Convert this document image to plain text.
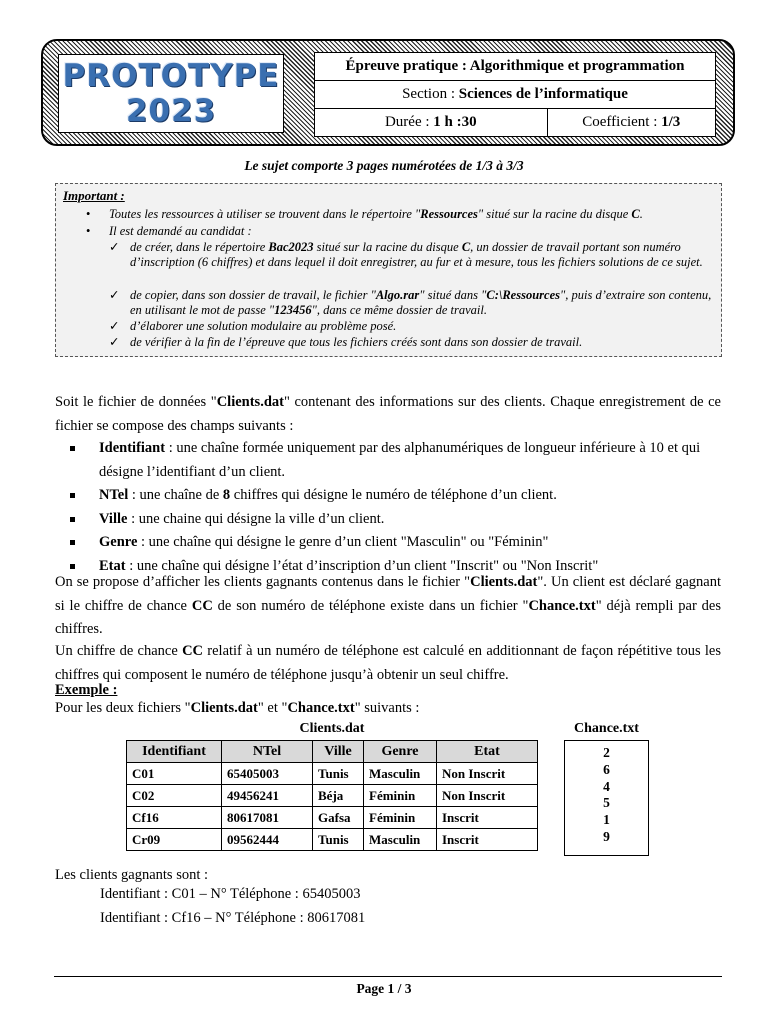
PROTOTYPE
2023
Épreuve pratique : Algorithmique et programmation
Section : Sciences de l’informatique
Durée : 1 h :30	Coefficient : 1/3
Le sujet comporte 3 pages numérotées de 1/3 à 3/3
Important :
• Toutes les ressources à utiliser se trouvent dans le répertoire "Ressources" situé sur la racine du disque C.
• Il est demandé au candidat :
✓ de créer, dans le répertoire Bac2023 situé sur la racine du disque C, un dossier de travail portant son numéro d’inscription (6 chiffres) et dans lequel il doit enregistrer, au fur et à mesure, tous les fichiers solutions de ce sujet.
✓ de copier, dans son dossier de travail, le fichier "Algo.rar" situé dans "C:\Ressources", puis d’extraire son contenu, en utilisant le mot de passe "123456", dans ce même dossier de travail.
✓ d’élaborer une solution modulaire au problème posé.
✓ de vérifier à la fin de l’épreuve que tous les fichiers créés sont dans son dossier de travail.
Soit le fichier de données "Clients.dat" contenant des informations sur des clients. Chaque enregistrement de ce fichier se compose des champs suivants :
Identifiant : une chaîne formée uniquement par des alphanumériques de longueur inférieure à 10 et qui désigne l’identifiant d’un client.
NTel : une chaîne de 8 chiffres qui désigne le numéro de téléphone d’un client.
Ville : une chaine qui désigne la ville d’un client.
Genre : une chaîne qui désigne le genre d’un client "Masculin" ou "Féminin"
Etat : une chaîne qui désigne l’état d’inscription d’un client "Inscrit" ou "Non Inscrit"
On se propose d’afficher les clients gagnants contenus dans le fichier "Clients.dat". Un client est déclaré gagnant si le chiffre de chance CC de son numéro de téléphone existe dans un fichier "Chance.txt" déjà rempli par des chiffres.
Un chiffre de chance CC relatif à un numéro de téléphone est calculé en additionnant de façon répétitive tous les chiffres qui composent le numéro de téléphone jusqu’à obtenir un seul chiffre.
Exemple :
Pour les deux fichiers "Clients.dat" et "Chance.txt" suivants :
Clients.dat	Chance.txt
Identifiant	NTel	Ville	Genre	Etat
C01	65405003	Tunis	Masculin	Non Inscrit
C02	49456241	Béja	Féminin	Non Inscrit
Cf16	80617081	Gafsa	Féminin	Inscrit
Cr09	09562444	Tunis	Masculin	Inscrit
2
6
4
5
1
9
Les clients gagnants sont :
Identifiant : C01 – N° Téléphone : 65405003
Identifiant : Cf16 – N° Téléphone : 80617081
Page 1 / 3
